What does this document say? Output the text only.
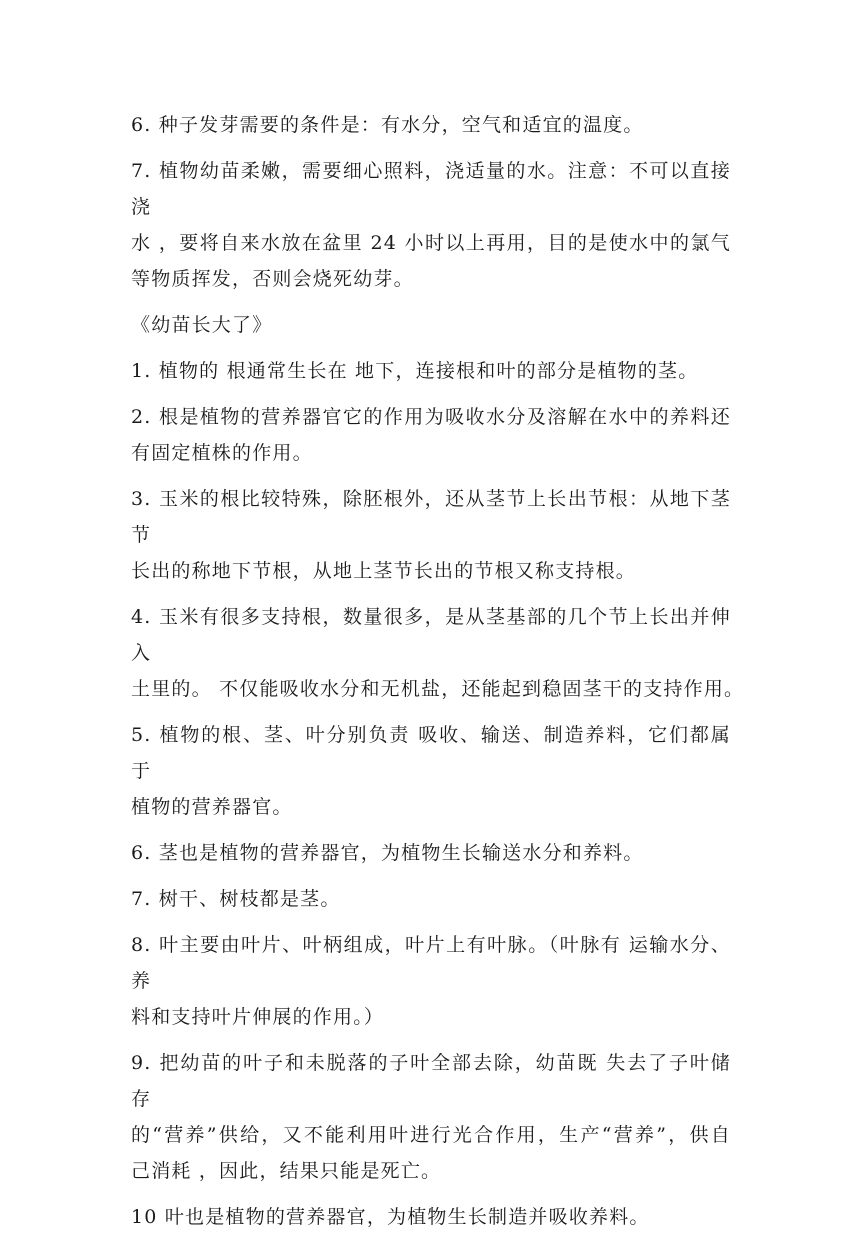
6. 种子发芽需要的条件是：有水分，空气和适宜的温度。

7. 植物幼苗柔嫩，需要细心照料，浇适量的水。注意：不可以直接浇
水 ，要将自来水放在盆里 24 小时以上再用，目的是使水中的氯气
等物质挥发，否则会烧死幼芽。

《幼苗长大了》

1. 植物的 根通常生长在 地下，连接根和叶的部分是植物的茎。

2. 根是植物的营养器官它的作用为吸收水分及溶解在水中的养料还
有固定植株的作用。

3. 玉米的根比较特殊，除胚根外，还从茎节上长出节根：从地下茎节
长出的称地下节根，从地上茎节长出的节根又称支持根。

4. 玉米有很多支持根，数量很多，是从茎基部的几个节上长出并伸入
土里的。 不仅能吸收水分和无机盐，还能起到稳固茎干的支持作用。

5. 植物的根、茎、叶分别负责 吸收、输送、制造养料，它们都属于
植物的营养器官。

6. 茎也是植物的营养器官，为植物生长输送水分和养料。

7. 树干、树枝都是茎。

8. 叶主要由叶片、叶柄组成，叶片上有叶脉。（叶脉有 运输水分、养
料和支持叶片伸展的作用。）

9. 把幼苗的叶子和未脱落的子叶全部去除，幼苗既 失去了子叶储存
的“营养”供给，又不能利用叶进行光合作用，生产“营养”，供自
己消耗 ，因此，结果只能是死亡。

10 叶也是植物的营养器官，为植物生长制造并吸收养料。
